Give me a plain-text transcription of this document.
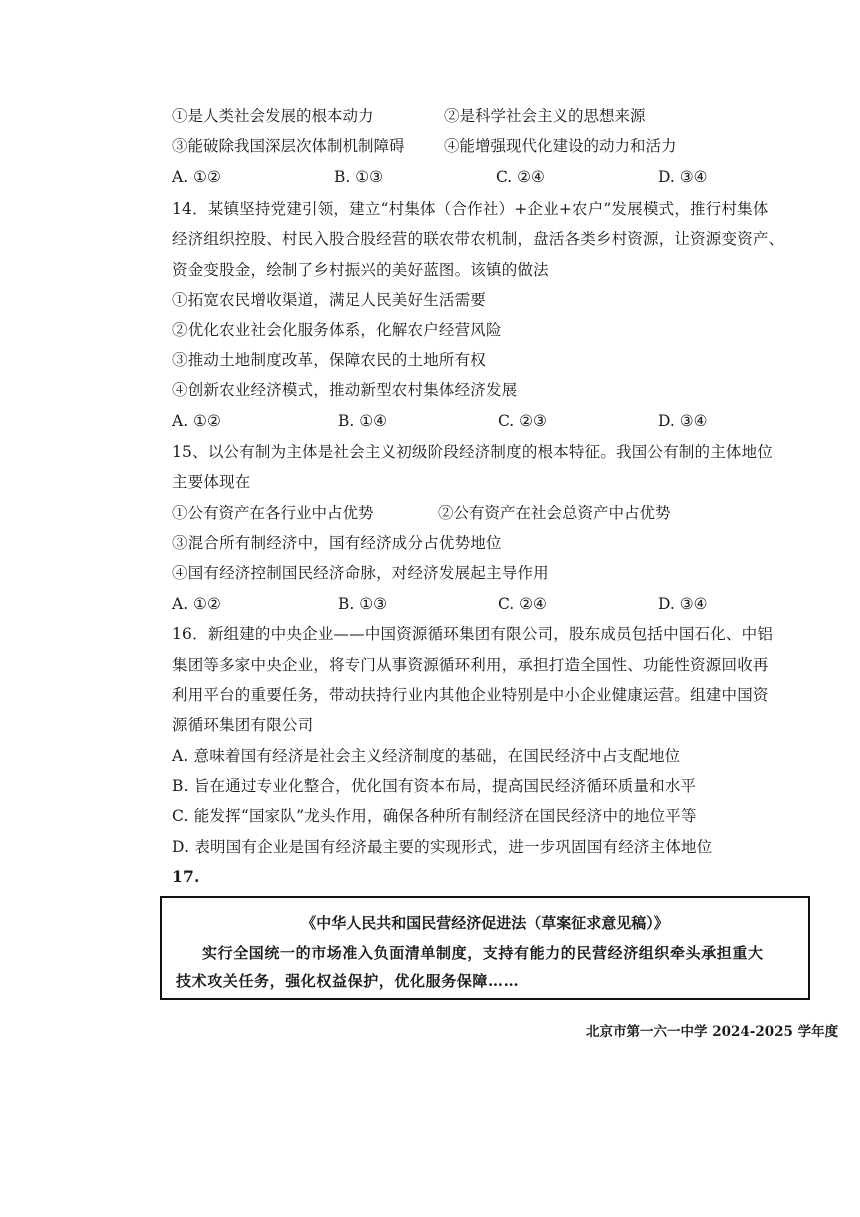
①是人类社会发展的根本动力	②是科学社会主义的思想来源
③能破除我国深层次体制机制障碍	④能增强现代化建设的动力和活力
A. ①②	B. ①③	C. ②④	D. ③④
14．某镇坚持党建引领，建立“村集体（合作社）+企业+农户”发展模式，推行村集体
经济组织控股、村民入股合股经营的联农带农机制，盘活各类乡村资源，让资源变资产、
资金变股金，绘制了乡村振兴的美好蓝图。该镇的做法
①拓宽农民增收渠道，满足人民美好生活需要
②优化农业社会化服务体系，化解农户经营风险
③推动土地制度改革，保障农民的土地所有权
④创新农业经济模式，推动新型农村集体经济发展
A. ①②	B. ①④	C. ②③	D. ③④
15、以公有制为主体是社会主义初级阶段经济制度的根本特征。我国公有制的主体地位
主要体现在
①公有资产在各行业中占优势	②公有资产在社会总资产中占优势
③混合所有制经济中，国有经济成分占优势地位
④国有经济控制国民经济命脉，对经济发展起主导作用
A. ①②	B. ①③	C. ②④	D. ③④
16．新组建的中央企业——中国资源循环集团有限公司，股东成员包括中国石化、中铝
集团等多家中央企业，将专门从事资源循环利用，承担打造全国性、功能性资源回收再
利用平台的重要任务，带动扶持行业内其他企业特别是中小企业健康运营。组建中国资
源循环集团有限公司
A. 意味着国有经济是社会主义经济制度的基础，在国民经济中占支配地位
B. 旨在通过专业化整合，优化国有资本布局，提高国民经济循环质量和水平
C. 能发挥“国家队”龙头作用，确保各种所有制经济在国民经济中的地位平等
D. 表明国有企业是国有经济最主要的实现形式，进一步巩固国有经济主体地位
17.
《中华人民共和国民营经济促进法（草案征求意见稿）》
实行全国统一的市场准入负面清单制度，支持有能力的民营经济组织牵头承担重大
技术攻关任务，强化权益保护，优化服务保障……
北京市第一六一中学 2024-2025 学年度
